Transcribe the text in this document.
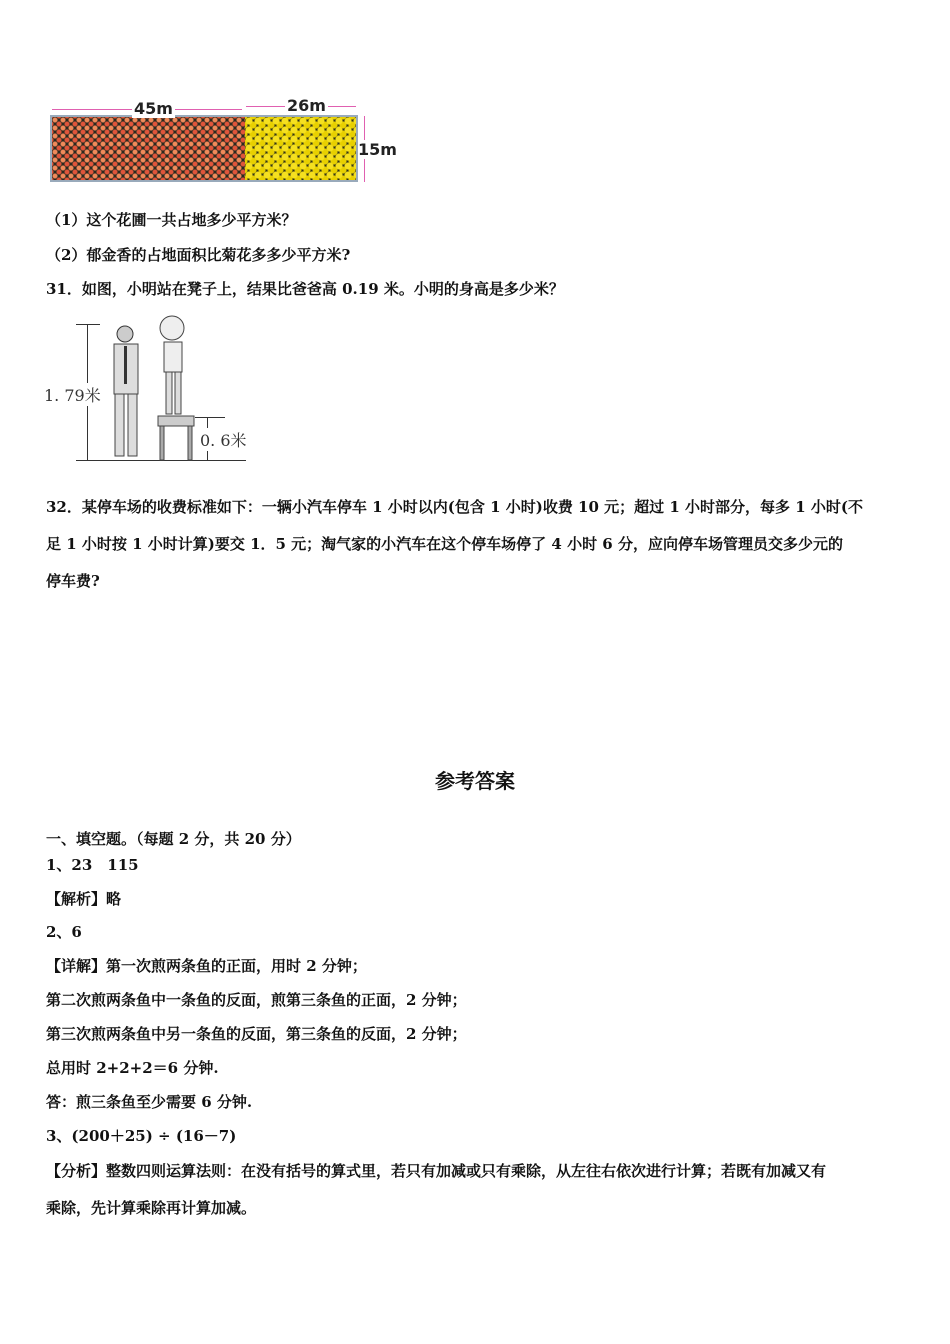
45m	26m
15m
（1）这个花圃一共占地多少平方米？
（2）郁金香的占地面积比菊花多多少平方米?
31．如图，小明站在凳子上，结果比爸爸高 0.19 米。小明的身高是多少米？
1. 79米
0. 6米
32．某停车场的收费标准如下：一辆小汽车停车 1 小时以内(包含 1 小时)收费 10 元；超过 1 小时部分，每多 1 小时(不
足 1 小时按 1 小时计算)要交 1．5 元；淘气家的小汽车在这个停车场停了 4 小时 6 分，应向停车场管理员交多少元的
停车费?
参考答案
一、填空题。（每题 2 分，共 20 分）
1、23　115
【解析】略
2、6
【详解】第一次煎两条鱼的正面，用时 2 分钟；
第二次煎两条鱼中一条鱼的反面，煎第三条鱼的正面，2 分钟；
第三次煎两条鱼中另一条鱼的反面，第三条鱼的反面，2 分钟；
总用时 2+2+2＝6 分钟.
答：煎三条鱼至少需要 6 分钟.
3、(200＋25) ÷ (16－7)
【分析】整数四则运算法则：在没有括号的算式里，若只有加减或只有乘除，从左往右依次进行计算；若既有加减又有
乘除，先计算乘除再计算加减。
